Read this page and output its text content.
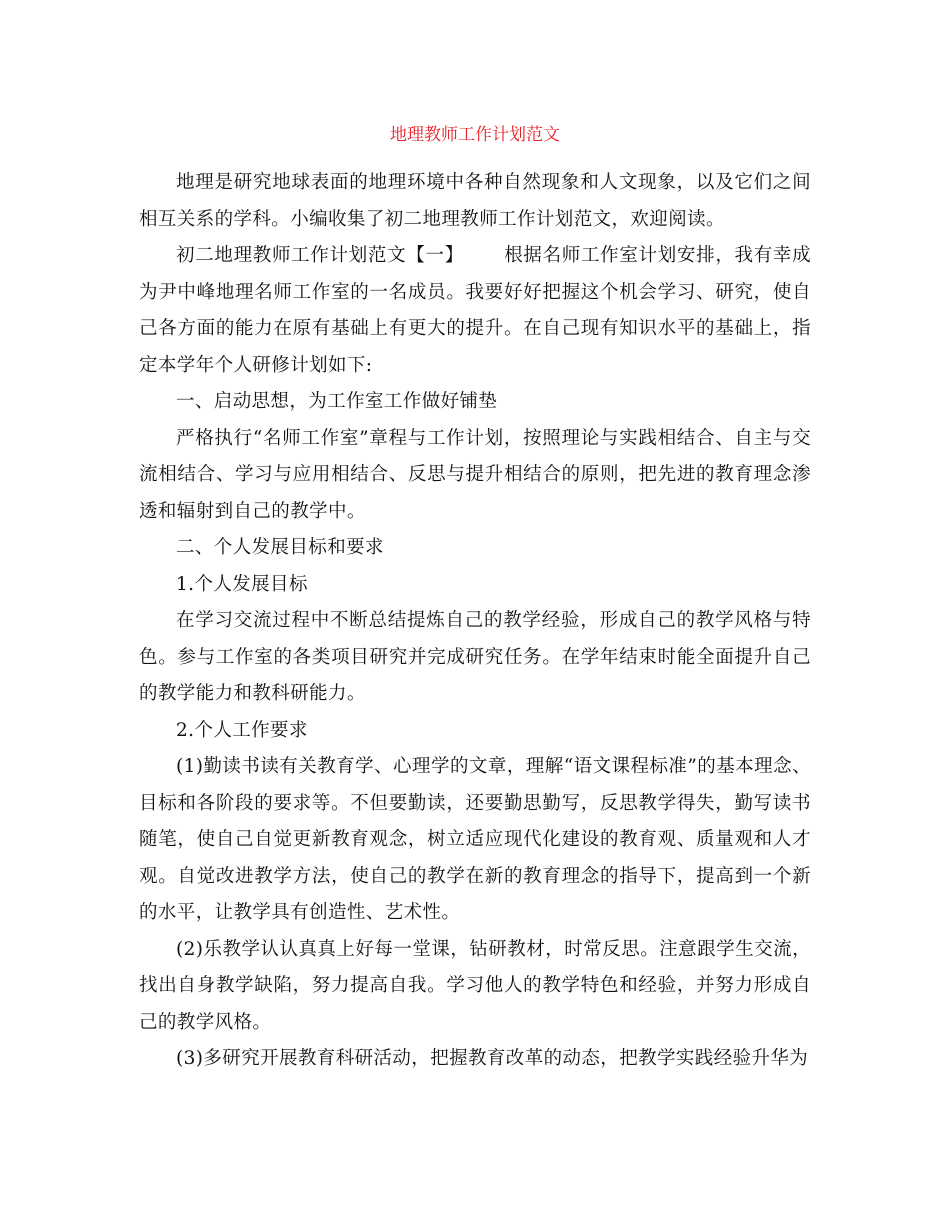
地理教师工作计划范文

地理是研究地球表面的地理环境中各种自然现象和人文现象，以及它们之间相互关系的学科。小编收集了初二地理教师工作计划范文，欢迎阅读。

初二地理教师工作计划范文【一】 根据名师工作室计划安排，我有幸成为尹中峰地理名师工作室的一名成员。我要好好把握这个机会学习、研究，使自己各方面的能力在原有基础上有更大的提升。在自己现有知识水平的基础上，指定本学年个人研修计划如下:

一、启动思想，为工作室工作做好铺垫

严格执行“名师工作室”章程与工作计划，按照理论与实践相结合、自主与交流相结合、学习与应用相结合、反思与提升相结合的原则，把先进的教育理念渗透和辐射到自己的教学中。

二、个人发展目标和要求

1.个人发展目标

在学习交流过程中不断总结提炼自己的教学经验，形成自己的教学风格与特色。参与工作室的各类项目研究并完成研究任务。在学年结束时能全面提升自己的教学能力和教科研能力。

2.个人工作要求

(1)勤读书读有关教育学、心理学的文章，理解“语文课程标准”的基本理念、目标和各阶段的要求等。不但要勤读，还要勤思勤写，反思教学得失，勤写读书随笔，使自己自觉更新教育观念，树立适应现代化建设的教育观、质量观和人才观。自觉改进教学方法，使自己的教学在新的教育理念的指导下，提高到一个新的水平，让教学具有创造性、艺术性。

(2)乐教学认认真真上好每一堂课，钻研教材，时常反思。注意跟学生交流，找出自身教学缺陷，努力提高自我。学习他人的教学特色和经验，并努力形成自己的教学风格。

(3)多研究开展教育科研活动，把握教育改革的动态，把教学实践经验升华为
